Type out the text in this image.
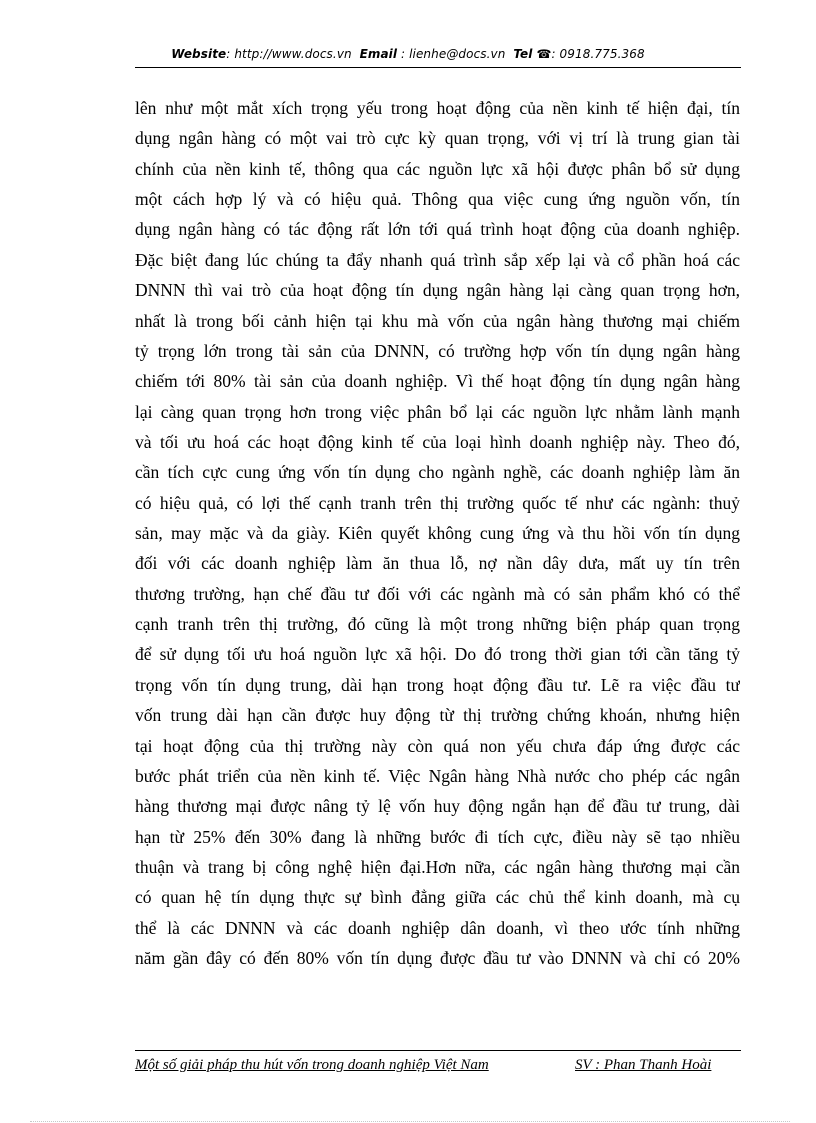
Website: http://www.docs.vn Email : lienhe@docs.vn Tel ☎: 0918.775.368
lên như một mắt xích trọng yếu trong hoạt động của nền kinh tế hiện đại, tín
dụng ngân hàng có một vai trò cực kỳ quan trọng, với vị trí là trung gian tài
chính của nền kinh tế, thông qua các nguồn lực xã hội được phân bổ sử dụng
một cách hợp lý và có hiệu quả. Thông qua việc cung ứng nguồn vốn, tín
dụng ngân hàng có tác động rất lớn tới quá trình hoạt động của doanh nghiệp.
Đặc biệt đang lúc chúng ta đẩy nhanh quá trình sắp xếp lại và cổ phần hoá các
DNNN thì vai trò của hoạt động tín dụng ngân hàng lại càng quan trọng hơn,
nhất là trong bối cảnh hiện tại khu mà vốn của ngân hàng thương mại chiếm
tỷ trọng lớn trong tài sản của DNNN, có trường hợp vốn tín dụng ngân hàng
chiếm tới 80% tài sản của doanh nghiệp. Vì thế hoạt động tín dụng ngân hàng
lại càng quan trọng hơn trong việc phân bổ lại các nguồn lực nhằm lành mạnh
và tối ưu hoá các hoạt động kinh tế của loại hình doanh nghiệp này. Theo đó,
cần tích cực cung ứng vốn tín dụng cho ngành nghề, các doanh nghiệp làm ăn
có hiệu quả, có lợi thế cạnh tranh trên thị trường quốc tế như các ngành: thuỷ
sản, may mặc và da giày. Kiên quyết không cung ứng và thu hồi vốn tín dụng
đối với các doanh nghiệp làm ăn thua lỗ, nợ nần dây dưa, mất uy tín trên
thương trường, hạn chế đầu tư đối với các ngành mà có sản phẩm khó có thể
cạnh tranh trên thị trường, đó cũng là một trong những biện pháp quan trọng
để sử dụng tối ưu hoá nguồn lực xã hội. Do đó trong thời gian tới cần tăng tỷ
trọng vốn tín dụng trung, dài hạn trong hoạt động đầu tư. Lẽ ra việc đầu tư
vốn trung dài hạn cần được huy động từ thị trường chứng khoán, nhưng hiện
tại hoạt động của thị trường này còn quá non yếu chưa đáp ứng được các
bước phát triển của nền kinh tế. Việc Ngân hàng Nhà nước cho phép các ngân
hàng thương mại được nâng tỷ lệ vốn huy động ngắn hạn để đầu tư trung, dài
hạn từ 25% đến 30% đang là những bước đi tích cực, điều này sẽ tạo nhiều
thuận và trang bị công nghệ hiện đại.Hơn nữa, các ngân hàng thương mại cần
có quan hệ tín dụng thực sự bình đẳng giữa các chủ thể kinh doanh, mà cụ
thể là các DNNN và các doanh nghiệp dân doanh, vì theo ước tính những
năm gần đây có đến 80% vốn tín dụng được đầu tư vào DNNN và chỉ có 20%
Một số giải pháp thu hút vốn trong doanh nghiệp Việt Nam	SV : Phan Thanh Hoài
